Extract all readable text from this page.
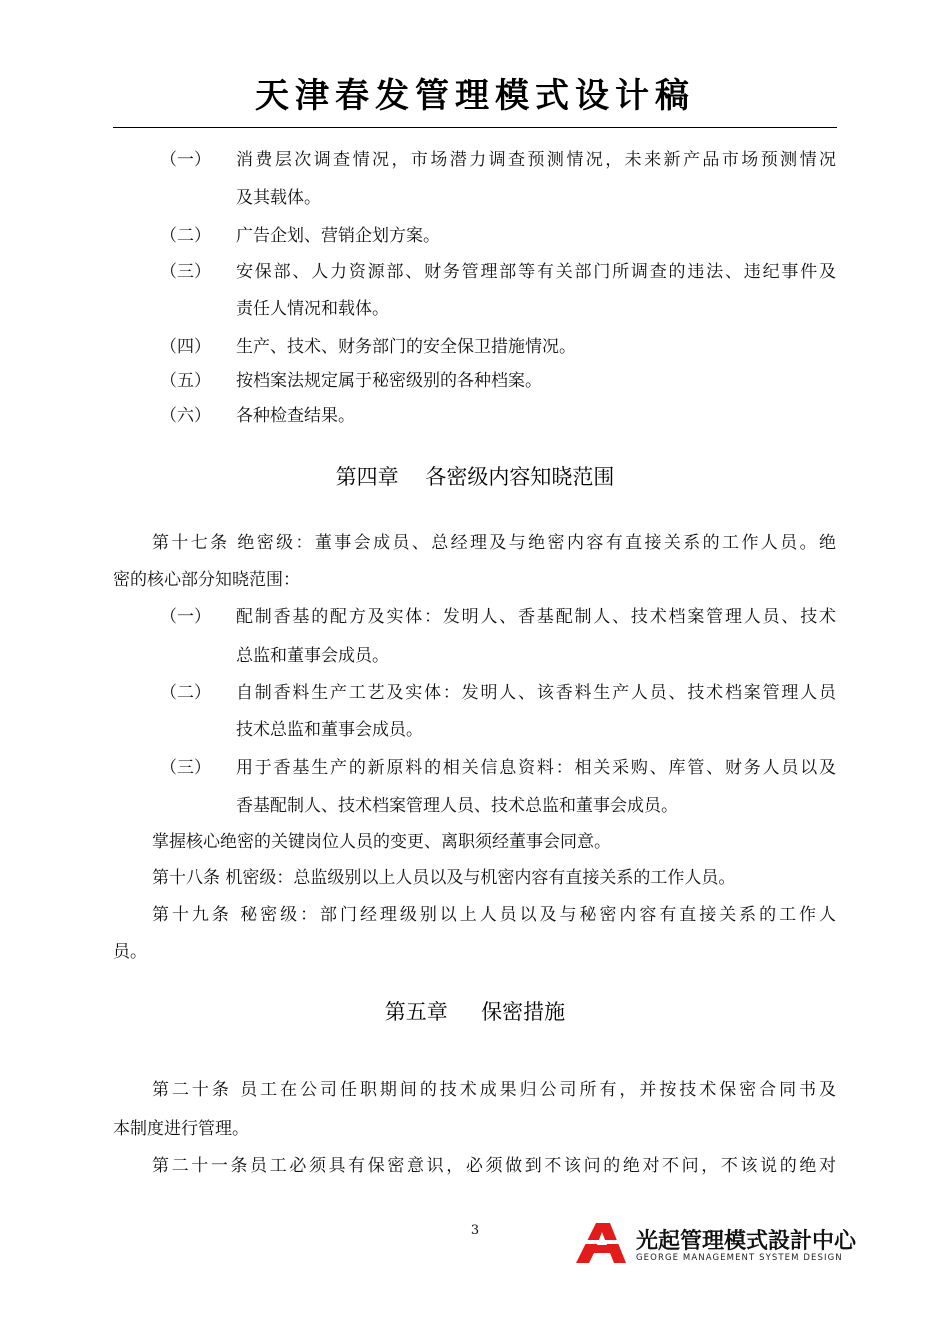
天津春发管理模式设计稿
（一） 消费层次调查情况，市场潜力调查预测情况，未来新产品市场预测情况
及其载体。
（二） 广告企划、营销企划方案。
（三） 安保部、人力资源部、财务管理部等有关部门所调查的违法、违纪事件及
责任人情况和载体。
（四） 生产、技术、财务部门的安全保卫措施情况。
（五） 按档案法规定属于秘密级别的各种档案。
（六） 各种检查结果。
第四章    各密级内容知晓范围
第十七条 绝密级：董事会成员、总经理及与绝密内容有直接关系的工作人员。绝
密的核心部分知晓范围：
（一） 配制香基的配方及实体：发明人、香基配制人、技术档案管理人员、技术
总监和董事会成员。
（二） 自制香料生产工艺及实体：发明人、该香料生产人员、技术档案管理人员
技术总监和董事会成员。
（三） 用于香基生产的新原料的相关信息资料：相关采购、库管、财务人员以及
香基配制人、技术档案管理人员、技术总监和董事会成员。
掌握核心绝密的关键岗位人员的变更、离职须经董事会同意。
第十八条 机密级：总监级别以上人员以及与机密内容有直接关系的工作人员。
第十九条 秘密级：部门经理级别以上人员以及与秘密内容有直接关系的工作人
员。
第五章     保密措施
第二十条 员工在公司任职期间的技术成果归公司所有，并按技术保密合同书及
本制度进行管理。
第二十一条员工必须具有保密意识，必须做到不该问的绝对不问，不该说的绝对
3	光起管理模式設計中心
GEORGE MANAGEMENT SYSTEM DESIGN
